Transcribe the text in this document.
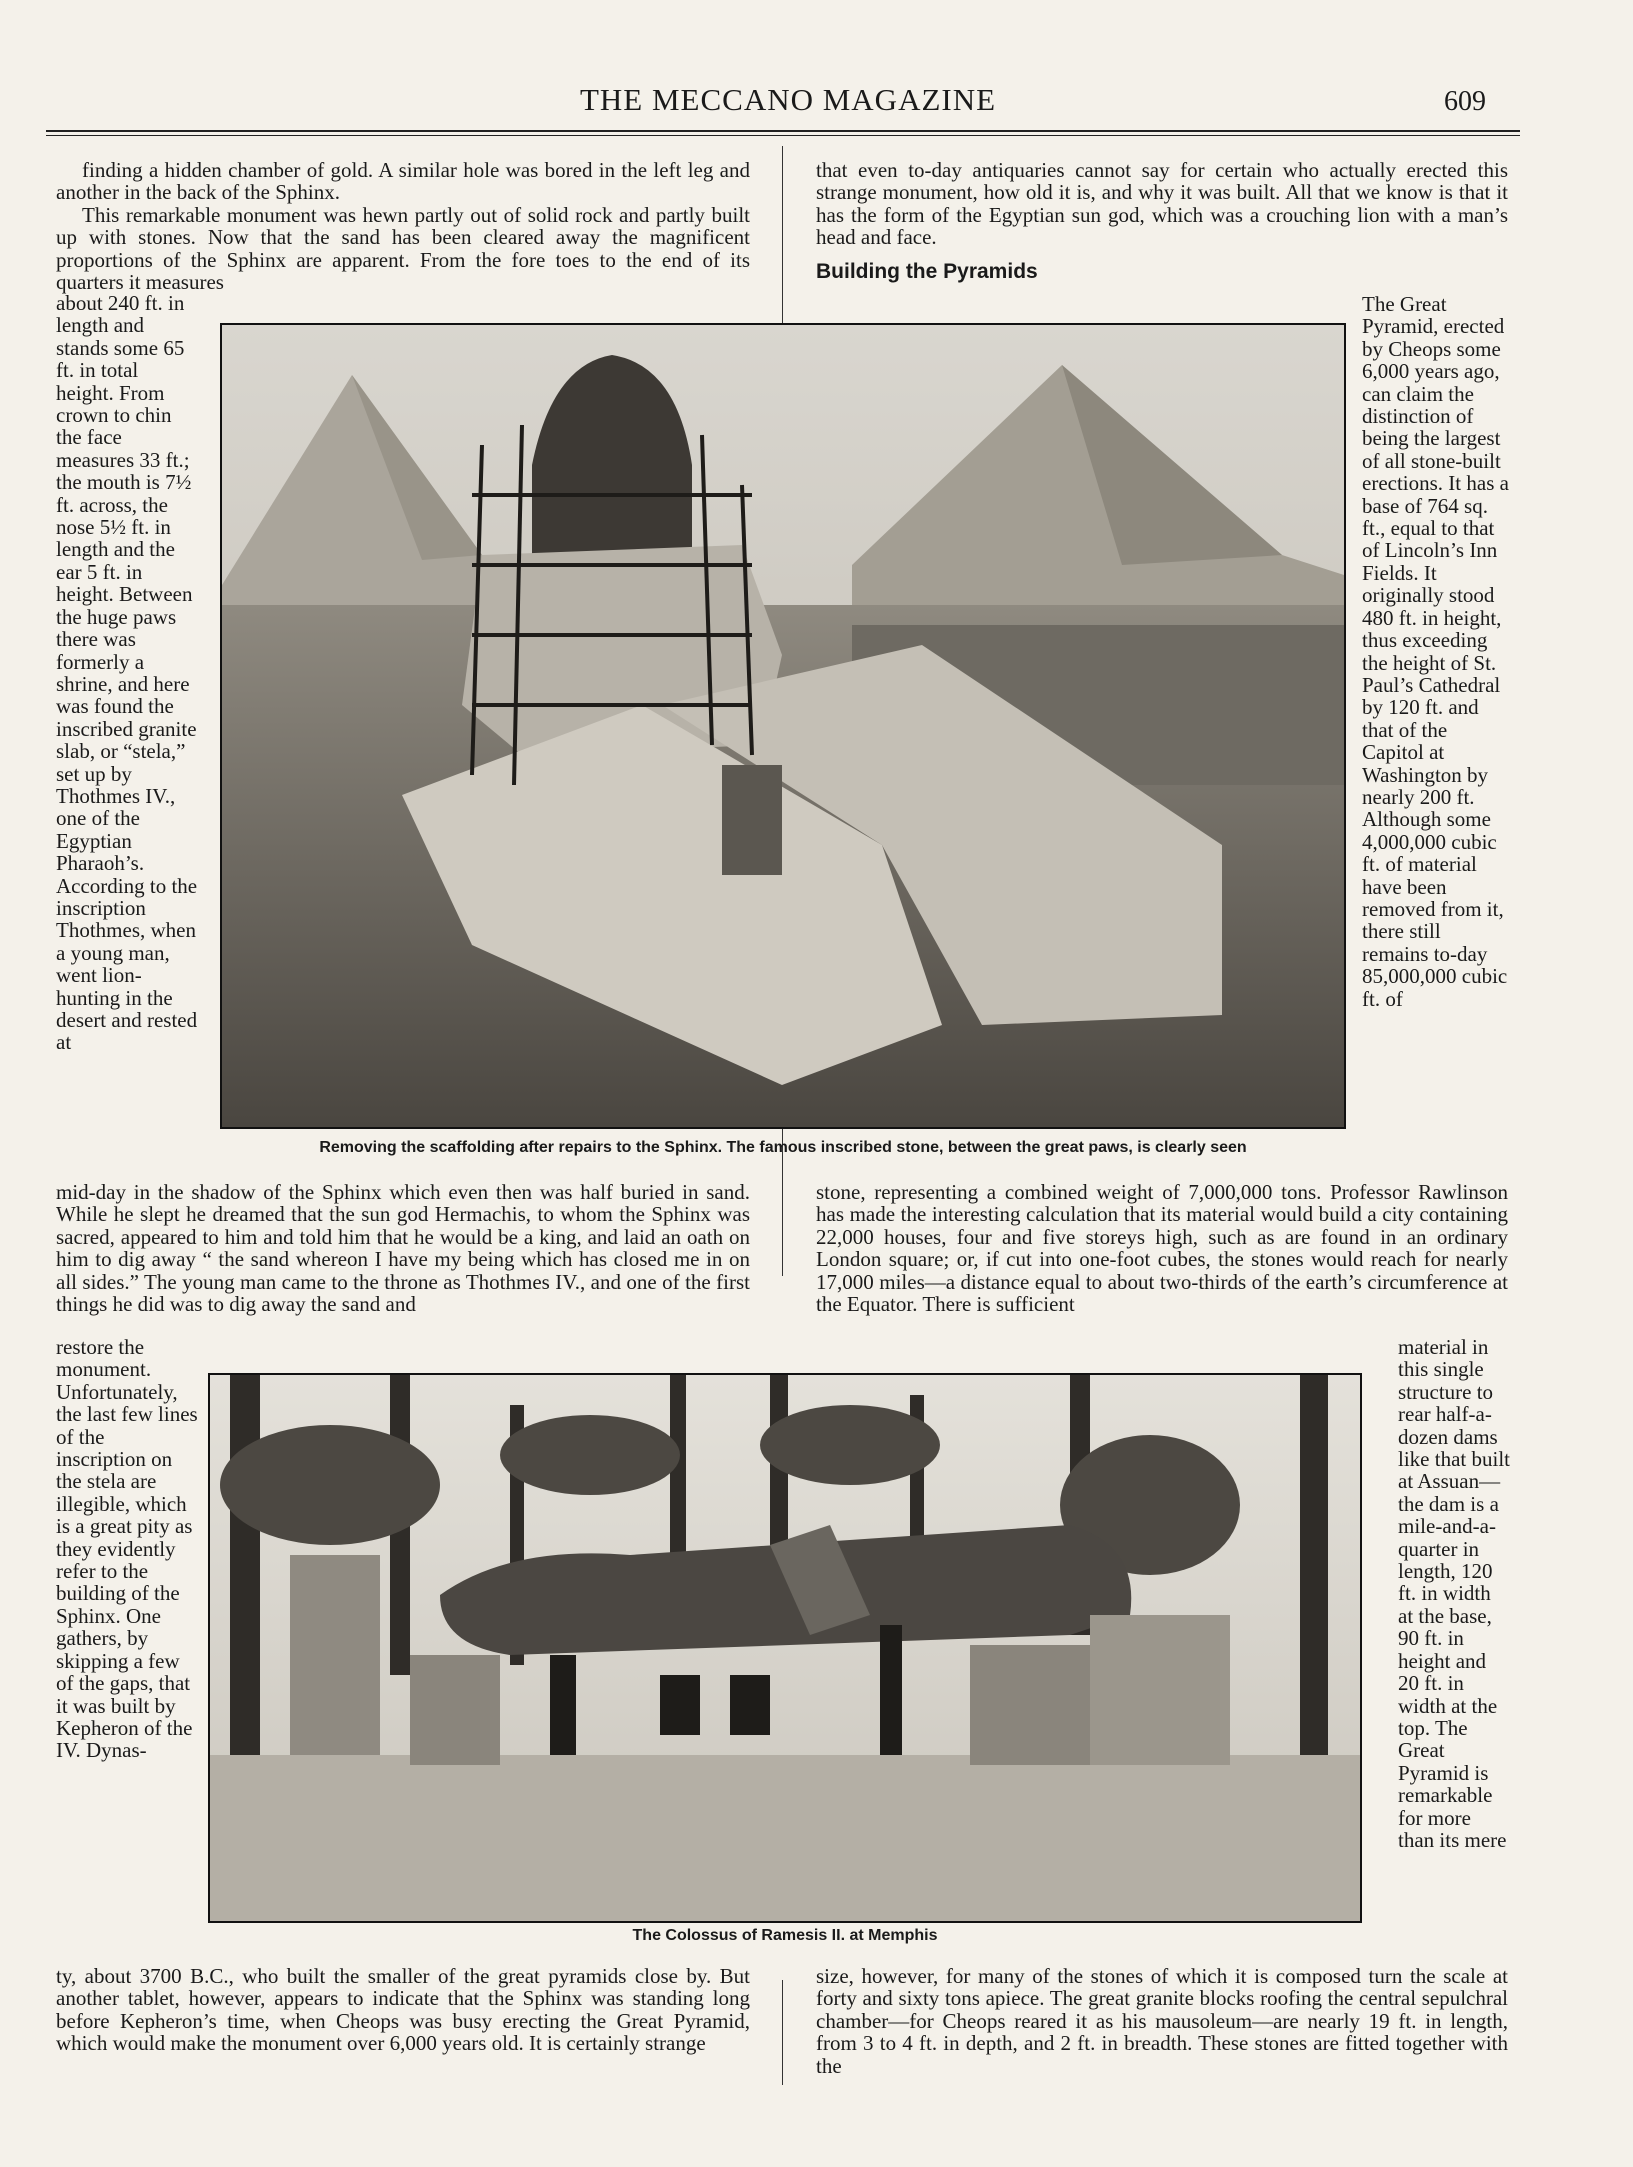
THE MECCANO MAGAZINE	609

finding a hidden chamber of gold. A similar hole was bored in the left leg and another in the back of the Sphinx.

This remarkable monument was hewn partly out of solid rock and partly built up with stones. Now that the sand has been cleared away the magnificent proportions of the Sphinx are apparent. From the fore toes to the end of its quarters it measures

about 240 ft. in length and stands some 65 ft. in total height. From crown to chin the face measures 33 ft.; the mouth is 7½ ft. across, the nose 5½ ft. in length and the ear 5 ft. in height. Between the huge paws there was formerly a shrine, and here was found the inscribed granite slab, or “stela,” set up by Thothmes IV., one of the Egyptian Pharaoh’s. According to the inscription Thothmes, when a young man, went lion-hunting in the desert and rested at
mid-day in the shadow of the Sphinx which even then was half buried in sand. While he slept he dreamed that the sun god Hermachis, to whom the Sphinx was sacred, appeared to him and told him that he would be a king, and laid an oath on him to dig away “ the sand whereon I have my being which has closed me in on all sides.” The young man came to the throne as Thothmes IV., and one of the first things he did was to dig away the sand and
restore the monument. Unfortunately, the last few lines of the inscription on the stela are illegible, which is a great pity as they evidently refer to the building of the Sphinx. One gathers, by skipping a few of the gaps, that it was built by Kepheron of the IV. Dynas-
ty, about 3700 B.C., who built the smaller of the great pyramids close by. But another tablet, however, appears to indicate that the Sphinx was standing long before Kepheron’s time, when Cheops was busy erecting the Great Pyramid, which would make the monument over 6,000 years old. It is certainly strange
that even to-day antiquaries cannot say for certain who actually erected this strange monument, how old it is, and why it was built. All that we know is that it has the form of the Egyptian sun god, which was a crouching lion with a man’s head and face.
Building the Pyramids
The Great Pyramid, erected by Cheops some 6,000 years ago, can claim the distinction of being the largest of all stone-built erections. It has a base of 764 sq. ft., equal to that of Lincoln’s Inn Fields. It originally stood 480 ft. in height, thus exceeding the height of St. Paul’s Cathedral by 120 ft. and that of the Capitol at Washington by nearly 200 ft. Although some 4,000,000 cubic ft. of material have been removed from it, there still remains to-day 85,000,000 cubic ft. of
stone, representing a combined weight of 7,000,000 tons. Professor Rawlinson has made the interesting calculation that its material would build a city containing 22,000 houses, four and five storeys high, such as are found in an ordinary London square; or, if cut into one-foot cubes, the stones would reach for nearly 17,000 miles—a distance equal to about two-thirds of the earth’s circumference at the Equator. There is sufficient
material in this single structure to rear half-a-dozen dams like that built at Assuan—the dam is a mile-and-a-quarter in length, 120 ft. in width at the base, 90 ft. in height and 20 ft. in width at the top. The Great Pyramid is remarkable for more than its mere
size, however, for many of the stones of which it is composed turn the scale at forty and sixty tons apiece. The great granite blocks roofing the central sepulchral chamber—for Cheops reared it as his mausoleum—are nearly 19 ft. in length, from 3 to 4 ft. in depth, and 2 ft. in breadth. These stones are fitted together with the
Removing the scaffolding after repairs to the Sphinx. The famous inscribed stone, between the great paws, is clearly seen
The Colossus of Ramesis II. at Memphis
